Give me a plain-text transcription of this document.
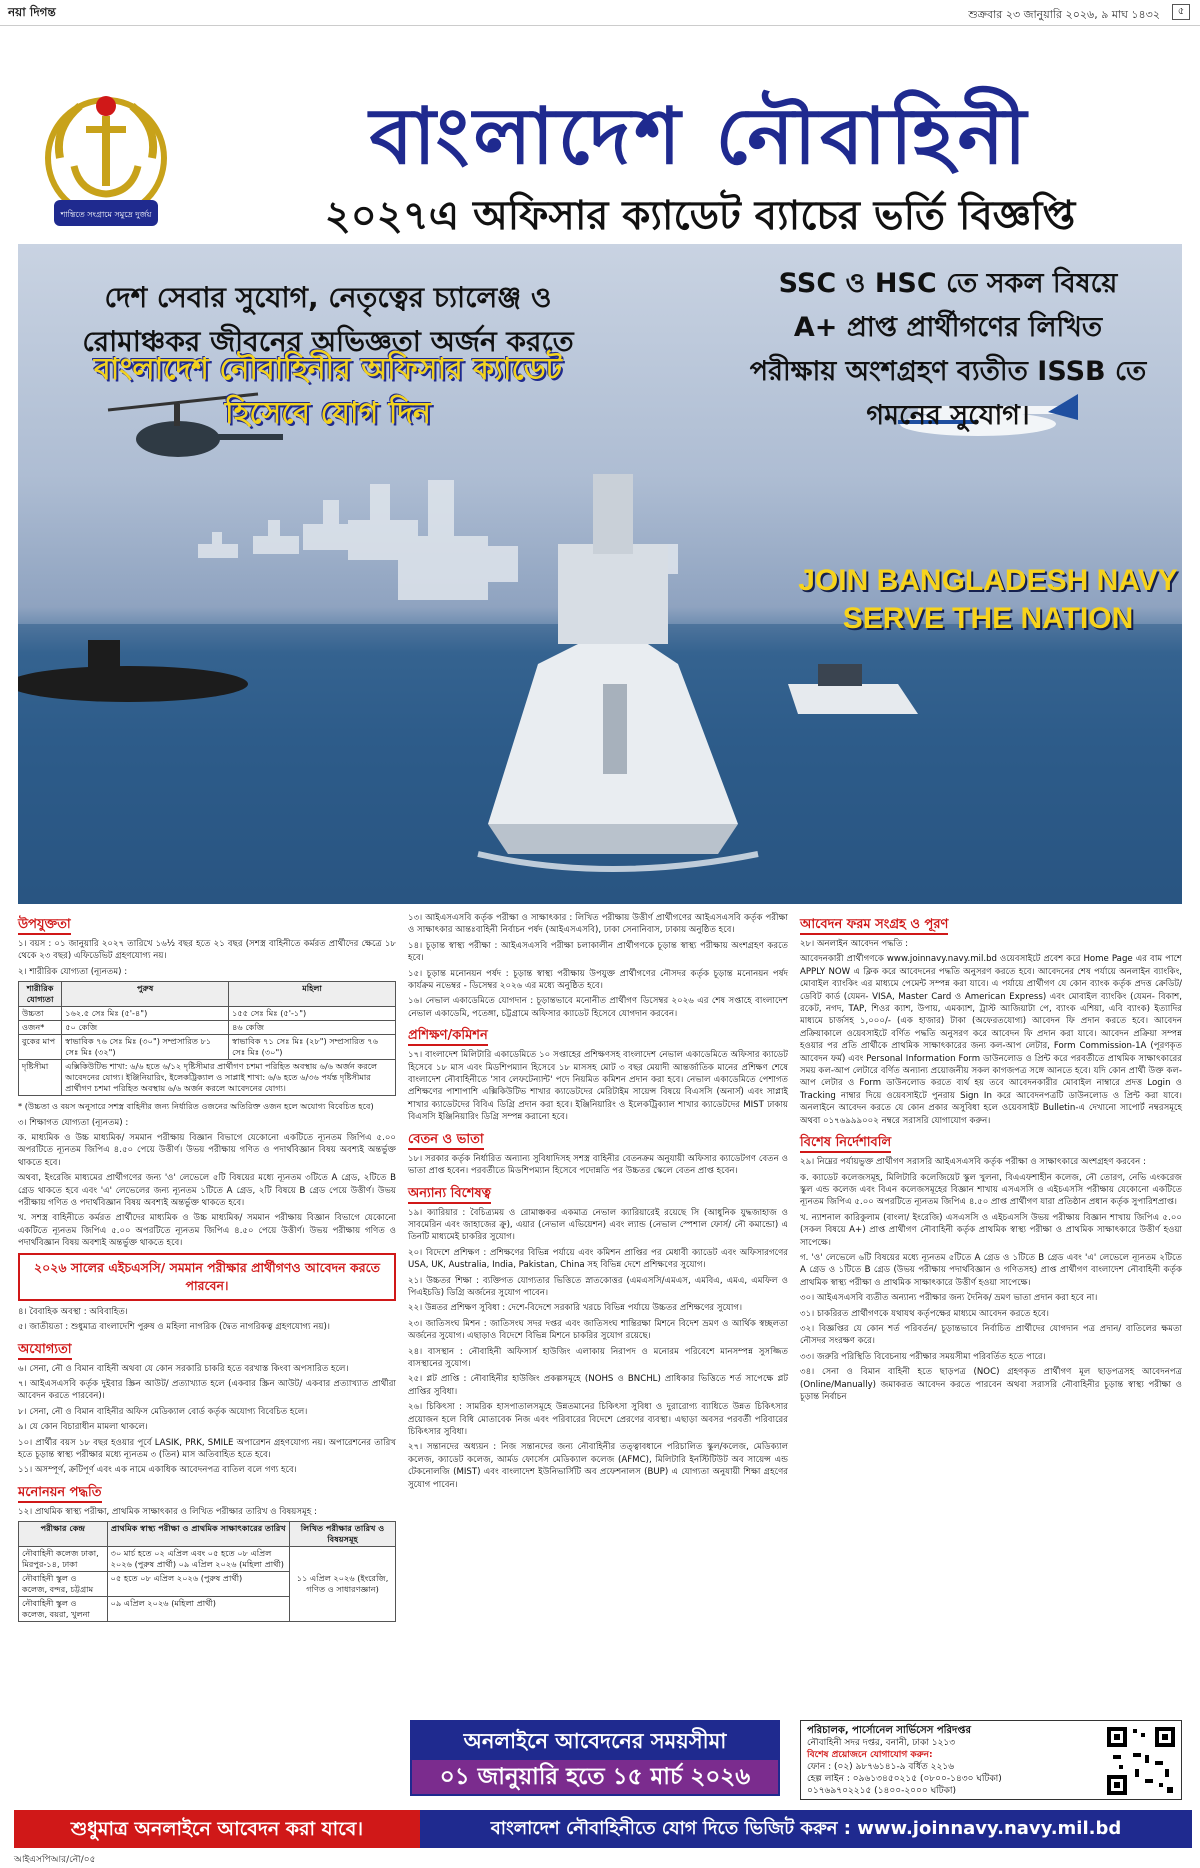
নয়া দিগন্ত	শুক্রবার ২৩ জানুয়ারি ২০২৬, ৯ মাঘ ১৪৩২	৫
শান্তিতে সংগ্রামে সমুদ্রে দুর্জয়
বাংলাদেশ নৌবাহিনী
২০২৭এ অফিসার ক্যাডেট ব্যাচের ভর্তি বিজ্ঞপ্তি
দেশ সেবার সুযোগ, নেতৃত্বের চ্যালেঞ্জ ও
রোমাঞ্চকর জীবনের অভিজ্ঞতা অর্জন করতে
বাংলাদেশ নৌবাহিনীর অফিসার ক্যাডেট
হিসেবে যোগ দিন
SSC ও HSC তে সকল বিষয়ে
A+ প্রাপ্ত প্রার্থীগণের লিখিত
পরীক্ষায় অংশগ্রহণ ব্যতীত ISSB তে
গমনের সুযোগ।
JOIN BANGLADESH NAVY
SERVE THE NATION
উপযুক্ততা
১। বয়স : ০১ জানুয়ারি ২০২৭ তারিখে ১৬½ বছর হতে ২১ বছর (সশস্ত্র বাহিনীতে কর্মরত প্রার্থীদের ক্ষেত্রে ১৮ থেকে ২৩ বছর) এফিডেভিট গ্রহণযোগ্য নয়।
২। শারীরিক যোগ্যতা (ন্যূনতম) :
শারীরিক যোগ্যতা	পুরুষ	মহিলা
উচ্চতা	১৬২.৫ সেঃ মিঃ (৫'-৪")	১৫৫ সেঃ মিঃ (৫'-১")
ওজন*	৫০ কেজি	৪৬ কেজি
বুকের মাপ	স্বাভাবিক ৭৬ সেঃ মিঃ (৩০") সম্প্রসারিত ৮১ সেঃ মিঃ (৩২")	স্বাভাবিক ৭১ সেঃ মিঃ (২৮") সম্প্রসারিত ৭৬ সেঃ মিঃ (৩০")
দৃষ্টিসীমা	এক্সিকিউটিভ শাখা: ৬/৬ হতে ৬/১২ দৃষ্টিসীমার প্রার্থীগণ চশমা পরিহিত অবস্থায় ৬/৬ অর্জন করলে আবেদনের যোগ্য। ইঞ্জিনিয়ারিং, ইলেকট্রিক্যাল ও সাপ্লাই শাখা: ৬/৬ হতে ৬/৩৬ পর্যন্ত দৃষ্টিসীমার প্রার্থীগণ চশমা পরিহিত অবস্থায় ৬/৬ অর্জন করলে আবেদনের যোগ্য।	
* (উচ্চতা ও বয়স অনুসারে সশস্ত্র বাহিনীর জন্য নির্ধারিত ওজনের অতিরিক্ত ওজন হলে অযোগ্য বিবেচিত হবে)
৩। শিক্ষাগত যোগ্যতা (ন্যূনতম) :
ক. মাধ্যমিক ও উচ্চ মাধ্যমিক/ সমমান পরীক্ষায় বিজ্ঞান বিভাগে যেকোনো একটিতে ন্যূনতম জিপিএ ৫.০০ অপরটিতে ন্যূনতম জিপিএ ৪.৫০ পেয়ে উত্তীর্ণ। উভয় পরীক্ষায় গণিত ও পদার্থবিজ্ঞান বিষয় অবশ্যই অন্তর্ভুক্ত থাকতে হবে।
অথবা, ইংরেজি মাধ্যমের প্রার্থীগণের জন্য 'ও' লেভেলে ৫টি বিষয়ের মধ্যে ন্যূনতম ৩টিতে A গ্রেড, ২টিতে B গ্রেড থাকতে হবে এবং 'এ' লেভেলের জন্য ন্যূনতম ১টিতে A গ্রেড, ২টি বিষয়ে B গ্রেড পেয়ে উত্তীর্ণ। উভয় পরীক্ষায় গণিত ও পদার্থবিজ্ঞান বিষয় অবশ্যই অন্তর্ভুক্ত থাকতে হবে।
খ. সশস্ত্র বাহিনীতে কর্মরত প্রার্থীদের মাধ্যমিক ও উচ্চ মাধ্যমিক/ সমমান পরীক্ষায় বিজ্ঞান বিভাগে যেকোনো একটিতে ন্যূনতম জিপিএ ৫.০০ অপরটিতে ন্যূনতম জিপিএ ৪.৫০ পেয়ে উত্তীর্ণ। উভয় পরীক্ষায় গণিত ও পদার্থবিজ্ঞান বিষয় অবশ্যই অন্তর্ভুক্ত থাকতে হবে।
২০২৬ সালের এইচএসসি/ সমমান পরীক্ষার প্রার্থীগণও আবেদন করতে পারবেন।
৪। বৈবাহিক অবস্থা : অবিবাহিত।
৫। জাতীয়তা : শুধুমাত্র বাংলাদেশি পুরুষ ও মহিলা নাগরিক (দ্বৈত নাগরিকত্ব গ্রহণযোগ্য নয়)।
অযোগ্যতা
৬। সেনা, নৌ ও বিমান বাহিনী অথবা যে কোন সরকারি চাকরি হতে বরখাস্ত কিংবা অপসারিত হলে।
৭। আইএসএসবি কর্তৃক দুইবার স্ক্রিন আউট/ প্রত্যাখ্যাত হলে (একবার স্ক্রিন আউট/ একবার প্রত্যাখ্যাত প্রার্থীরা আবেদন করতে পারবেন)।
৮। সেনা, নৌ ও বিমান বাহিনীর অফিস মেডিক্যাল বোর্ড কর্তৃক অযোগ্য বিবেচিত হলে।
৯। যে কোন বিচারাধীন মামলা থাকলে।
১০। প্রার্থীর বয়স ১৮ বছর হওয়ার পূর্বে LASIK, PRK, SMILE অপারেশন গ্রহণযোগ্য নয়। অপারেশনের তারিখ হতে চূড়ান্ত স্বাস্থ্য পরীক্ষার মধ্যে ন্যূনতম ৩ (তিন) মাস অতিবাহিত হতে হবে।
১১। অসম্পূর্ণ, ক্রটিপূর্ণ এবং এক নামে একাধিক আবেদনপত্র বাতিল বলে গণ্য হবে।
মনোনয়ন পদ্ধতি
১২। প্রাথমিক স্বাস্থ্য পরীক্ষা, প্রাথমিক সাক্ষাৎকার ও লিখিত পরীক্ষার তারিখ ও বিষয়সমূহ :
পরীক্ষার কেন্দ্র	প্রাথমিক স্বাস্থ্য পরীক্ষা ও প্রাথমিক সাক্ষাৎকারের তারিখ	লিখিত পরীক্ষার তারিখ ও বিষয়সমূহ
নৌবাহিনী কলেজ ঢাকা, মিরপুর-১৪, ঢাকা	৩০ মার্চ হতে ০২ এপ্রিল এবং ০৫ হতে ০৮ এপ্রিল ২০২৬ (পুরুষ প্রার্থী) ০৯ এপ্রিল ২০২৬ (মহিলা প্রার্থী)	১১ এপ্রিল ২০২৬ (ইংরেজি, গণিত ও সাধারণজ্ঞান)
নৌবাহিনী স্কুল ও কলেজ, বন্দর, চট্টগ্রাম	০৫ হতে ০৮ এপ্রিল ২০২৬ (পুরুষ প্রার্থী)	
নৌবাহিনী স্কুল ও কলেজ, বয়রা, খুলনা	০৯ এপ্রিল ২০২৬ (মহিলা প্রার্থী)	
১৩। আইএসএসবি কর্তৃক পরীক্ষা ও সাক্ষাৎকার : লিখিত পরীক্ষায় উত্তীর্ণ প্রার্থীগণের আইএসএসবি কর্তৃক পরীক্ষা ও সাক্ষাৎকার আন্তঃবাহিনী নির্বাচন পর্ষদ (আইএসএসবি), ঢাকা সেনানিবাস, ঢাকায় অনুষ্ঠিত হবে।
১৪। চূড়ান্ত স্বাস্থ্য পরীক্ষা : আইএসএসবি পরীক্ষা চলাকালীন প্রার্থীগণকে চূড়ান্ত স্বাস্থ্য পরীক্ষায় অংশগ্রহণ করতে হবে।
১৫। চূড়ান্ত মনোনয়ন পর্ষদ : চূড়ান্ত স্বাস্থ্য পরীক্ষায় উপযুক্ত প্রার্থীগণের নৌসদর কর্তৃক চূড়ান্ত মনোনয়ন পর্ষদ কার্যক্রম নভেম্বর - ডিসেম্বর ২০২৬ এর মধ্যে অনুষ্ঠিত হবে।
১৬। নেভাল একাডেমিতে যোগদান : চূড়ান্তভাবে মনোনীত প্রার্থীগণ ডিসেম্বর ২০২৬ এর শেষ সপ্তাহে বাংলাদেশ নেভাল একাডেমি, পতেঙ্গা, চট্টগ্রামে অফিসার ক্যাডেট হিসেবে যোগদান করবেন।
প্রশিক্ষণ/কমিশন
১৭। বাংলাদেশ মিলিটারি একাডেমিতে ১০ সপ্তাহের প্রশিক্ষণসহ বাংলাদেশ নেভাল একাডেমিতে অফিসার ক্যাডেট হিসেবে ১৮ মাস এবং মিডশিপম্যান হিসেবে ১৮ মাসসহ মোট ৩ বছর মেয়াদী আন্তর্জাতিক মানের প্রশিক্ষণ শেষে বাংলাদেশ নৌবাহিনীতে 'সাব লেফটেন্যান্ট' পদে নিয়মিত কমিশন প্রদান করা হবে। নেভাল একাডেমিতে পেশাগত প্রশিক্ষণের পাশাপাশি এক্সিকিউটিভ শাখার ক্যাডেটদের মেরিটাইম সায়েন্স বিষয়ে বিএসসি (অনার্স) এবং সাপ্লাই শাখার ক্যাডেটদের বিবিএ ডিগ্রি প্রদান করা হবে। ইঞ্জিনিয়ারিং ও ইলেকট্রিক্যাল শাখার ক্যাডেটদের MIST ঢাকায় বিএসসি ইঞ্জিনিয়ারিং ডিগ্রি সম্পন্ন করানো হবে।
বেতন ও ভাতা
১৮। সরকার কর্তৃক নির্ধারিত অন্যান্য সুবিধাদিসহ সশস্ত্র বাহিনীর বেতনক্রম অনুযায়ী অফিসার ক্যাডেটগণ বেতন ও ভাতা প্রাপ্ত হবেন। পরবর্তীতে মিডশিপম্যান হিসেবে পদোন্নতি পর উচ্চতর স্কেলে বেতন প্রাপ্ত হবেন।
অন্যান্য বিশেষত্ব
১৯। ক্যারিয়ার : বৈচিত্র্যময় ও রোমাঞ্চকর একমাত্র নেভাল ক্যারিয়ারেই রয়েছে সি (আধুনিক যুদ্ধজাহাজ ও সাবমেরিন এবং জাহাজের ক্রু), এয়ার (নেভাল এভিয়েশন) এবং ল্যান্ড (নেভাল স্পেশাল ফোর্স/ নৌ কমান্ডো) এ তিনটি মাধ্যমেই চাকরির সুযোগ।
২০। বিদেশে প্রশিক্ষণ : প্রশিক্ষণের বিভিন্ন পর্যায়ে এবং কমিশন প্রাপ্তির পর মেধাবী ক্যাডেট এবং অফিসারগণের USA, UK, Australia, India, Pakistan, China সহ বিভিন্ন দেশে প্রশিক্ষণের সুযোগ।
২১। উচ্চতর শিক্ষা : ব্যক্তিগত যোগ্যতার ভিত্তিতে স্নাতকোত্তর (এমএসসি/এমএস, এমবিএ, এমএ, এমফিল ও পিএইচডি) ডিগ্রি অর্জনের সুযোগ পাবেন।
২২। উন্নতর প্রশিক্ষণ সুবিধা : দেশে-বিদেশে সরকারি খরচে বিভিন্ন পর্যায়ে উচ্চতর প্রশিক্ষণের সুযোগ।
২৩। জাতিসংঘ মিশন : জাতিসংঘ সদর দপ্তর এবং জাতিসংঘ শান্তিরক্ষা মিশনে বিদেশ ভ্রমণ ও আর্থিক স্বচ্ছলতা অর্জনের সুযোগ। এছাড়াও বিদেশে বিভিন্ন মিশনে চাকরির সুযোগ রয়েছে।
২৪। বাসস্থান : নৌবাহিনী অফিসার্স হাউজিং এলাকায় নিরাপদ ও মনোরম পরিবেশে মানসম্পন্ন সুসজ্জিত বাসস্থানের সুযোগ।
২৫। প্লট প্রাপ্তি : নৌবাহিনীর হাউজিং প্রকল্পসমূহে (NOHS ও BNCHL) প্রাধিকার ভিত্তিতে শর্ত সাপেক্ষে প্লট প্রাপ্তির সুবিধা।
২৬। চিকিৎসা : সামরিক হাসপাতালসমূহে উন্নতমানের চিকিৎসা সুবিধা ও দুরারোগ্য ব্যাধিতে উন্নত চিকিৎসার প্রয়োজন হলে বিধি মোতাবেক নিজ এবং পরিবারের বিদেশে প্রেরণের ব্যবস্থা। এছাড়া অবসর পরবর্তী পরিবারের চিকিৎসার সুবিধা।
২৭। সন্তানদের অধ্যয়ন : নিজ সন্তানদের জন্য নৌবাহিনীর তত্ত্বাবধানে পরিচালিত স্কুল/কলেজ, মেডিক্যাল কলেজ, ক্যাডেট কলেজ, আর্মড ফোর্সেস মেডিক্যাল কলেজ (AFMC), মিলিটারি ইনস্টিটিউট অব সায়েন্স এন্ড টেকনোলজি (MIST) এবং বাংলাদেশ ইউনিভার্সিটি অব প্রফেশনালস (BUP) এ যোগ্যতা অনুযায়ী শিক্ষা গ্রহণের সুযোগ পাবেন।
আবেদন ফরম সংগ্রহ ও পূরণ
২৮। অনলাইন আবেদন পদ্ধতি :
আবেদনকারী প্রার্থীগণকে www.joinnavy.navy.mil.bd ওয়েবসাইটে প্রবেশ করে Home Page এর বাম পাশে APPLY NOW এ ক্লিক করে আবেদনের পদ্ধতি অনুসরণ করতে হবে। আবেদনের শেষ পর্যায়ে অনলাইন ব্যাংকিং, মোবাইল ব্যাংকিং এর মাধ্যমে পেমেন্ট সম্পন্ন করা যাবে। এ পর্যায়ে প্রার্থীগণ যে কোন ব্যাংক কর্তৃক প্রদত্ত ক্রেডিট/ডেবিট কার্ড (যেমন- VISA, Master Card ও American Express) এবং মোবাইল ব্যাংকিং (যেমন- বিকাশ, রকেট, নগদ, TAP, শিওর ক্যাশ, উপায়, এমক্যাশ, ট্রাস্ট আজিয়াটা পে, ব্যাংক এশিয়া, এবি ব্যাংক) ইত্যাদির মাধ্যমে চার্জসহ ১,০০০/- (এক হাজার) টাকা (অফেরতযোগ্য) আবেদন ফি প্রদান করতে হবে। আবেদন প্রক্রিয়াকালে ওয়েবসাইটে বর্ণিত পদ্ধতি অনুসরণ করে আবেদন ফি প্রদান করা যাবে। আবেদন প্রক্রিয়া সম্পন্ন হওয়ার পর প্রতি প্রার্থীকে প্রাথমিক সাক্ষাৎকারের জন্য কল-আপ লেটার, Form Commission-1A (পূরণকৃত আবেদন ফর্ম) এবং Personal Information Form ডাউনলোড ও প্রিন্ট করে পরবর্তীতে প্রাথমিক সাক্ষাৎকারের সময় কল-আপ লেটারে বর্ণিত অন্যান্য প্রয়োজনীয় সকল কাগজপত্র সঙ্গে আনতে হবে। যদি কোন প্রার্থী উক্ত কল-আপ লেটার ও Form ডাউনলোড করতে ব্যর্থ হয় তবে আবেদনকারীর মোবাইল নাম্বারে প্রদত্ত Login ও Tracking নাম্বার দিয়ে ওয়েবসাইটে পুনরায় Sign In করে আবেদনপত্রটি ডাউনলোড ও প্রিন্ট করা যাবে। অনলাইনে আবেদন করতে যে কোন প্রকার অসুবিধা হলে ওয়েবসাইট Bulletin-এ দেখানো সাপোর্ট নম্বরসমূহে অথবা ০১৭৬৯৯৯০০২ নম্বরে সরাসরি যোগাযোগ করুন।
বিশেষ নির্দেশাবলি
২৯। নিম্নের পর্যায়ভুক্ত প্রার্থীগণ সরাসরি আইএসএসবি কর্তৃক পরীক্ষা ও সাক্ষাৎকারে অংশগ্রহণ করবেন :
ক. ক্যাডেট কলেজসমূহ, মিলিটারি কলেজিয়েট স্কুল খুলনা, বিএএফশাহীন কলেজ, নৌ তোরণ, নেভি এংকরেজ স্কুল এন্ড কলেজ এবং বিএন কলেজসমূহের বিজ্ঞান শাখায় এসএসসি ও এইচএসসি পরীক্ষায় যেকোনো একটিতে ন্যূনতম জিপিএ ৫.০০ অপরটিতে ন্যূনতম জিপিএ ৪.৫০ প্রাপ্ত প্রার্থীগণ যারা প্রতিষ্ঠান প্রধান কর্তৃক সুপারিশপ্রাপ্ত।
খ. ন্যাশনাল কারিকুলাম (বাংলা/ ইংরেজি) এসএসসি ও এইচএসসি উভয় পরীক্ষায় বিজ্ঞান শাখায় জিপিএ ৫.০০ (সকল বিষয়ে A+) প্রাপ্ত প্রার্থীগণ নৌবাহিনী কর্তৃক প্রাথমিক স্বাস্থ্য পরীক্ষা ও প্রাথমিক সাক্ষাৎকারে উত্তীর্ণ হওয়া সাপেক্ষে।
গ. 'ও' লেভেলে ৬টি বিষয়ের মধ্যে ন্যূনতম ৫টিতে A গ্রেড ও ১টিতে B গ্রেড এবং 'এ' লেভেলে ন্যূনতম ২টিতে A গ্রেড ও ১টিতে B গ্রেড (উভয় পরীক্ষায় পদার্থবিজ্ঞান ও গণিতসহ) প্রাপ্ত প্রার্থীগণ বাংলাদেশ নৌবাহিনী কর্তৃক প্রাথমিক স্বাস্থ্য পরীক্ষা ও প্রাথমিক সাক্ষাৎকারে উত্তীর্ণ হওয়া সাপেক্ষে।
৩০। আইএসএসবি ব্যতীত অন্যান্য পরীক্ষার জন্য দৈনিক/ ভ্রমণ ভাতা প্রদান করা হবে না।
৩১। চাকরিরত প্রার্থীগণকে যথাযথ কর্তৃপক্ষের মাধ্যমে আবেদন করতে হবে।
৩২। বিজ্ঞপ্তির যে কোন শর্ত পরিবর্তন/ চূড়ান্তভাবে নির্বাচিত প্রার্থীদের যোগদান পত্র প্রদান/ বাতিলের ক্ষমতা নৌসদর সংরক্ষণ করে।
৩৩। জরুরি পরিস্থিতি বিবেচনায় পরীক্ষার সময়সীমা পরিবর্তিত হতে পারে।
৩৪। সেনা ও বিমান বাহিনী হতে ছাড়পত্র (NOC) গ্রহণকৃত প্রার্থীগণ মূল ছাড়পত্রসহ আবেদনপত্র (Online/Manually) জমাকরত আবেদন করতে পারবেন অথবা সরাসরি নৌবাহিনীর চূড়ান্ত স্বাস্থ্য পরীক্ষা ও চূড়ান্ত নির্বাচন
অনলাইনে আবেদনের সময়সীমা
০১ জানুয়ারি হতে ১৫ মার্চ ২০২৬
পরিচালক, পার্সোনেল সার্ভিসেস পরিদপ্তর
নৌবাহিনী সদর দপ্তর, বনানী, ঢাকা ১২১৩
বিশেষ প্রয়োজনে যোগাযোগ করুন:
ফোন : (০২) ৯৮৭৬১৪১-৯ বর্ধিত ২২১৬
হেল্প লাইন : ০৯৬১৩৪৫০২১৫ (০৮০০-১৪৩০ ঘটিকা)
০১৭৬৯৭০২২১৫ (১৪০০-২০০০ ঘটিকা)
শুধুমাত্র অনলাইনে আবেদন করা যাবে।	বাংলাদেশ নৌবাহিনীতে যোগ দিতে ভিজিট করুন : www.joinnavy.navy.mil.bd
আইএসপিআর/নৌ/০৫
